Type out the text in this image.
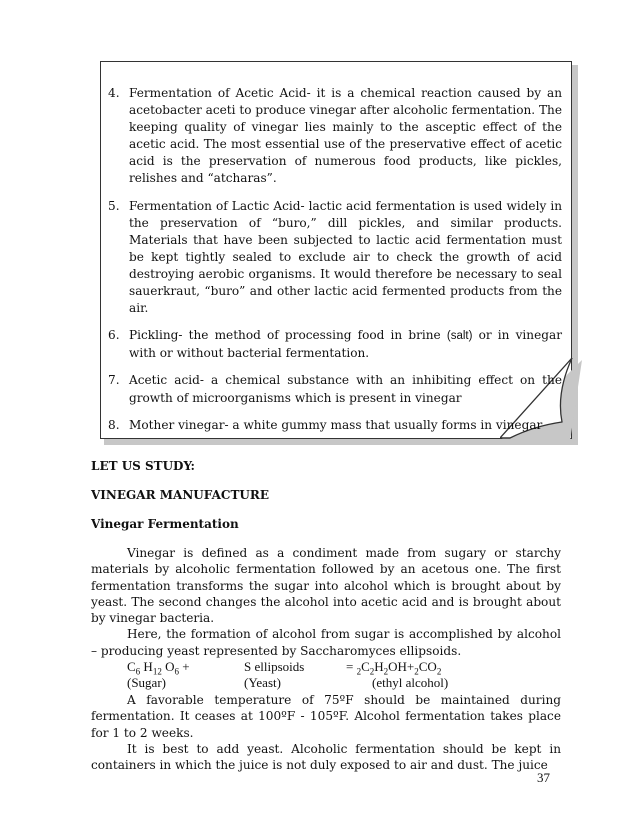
4. Fermentation of Acetic Acid- it is a chemical reaction caused by an acetobacter aceti to produce vinegar after alcoholic fermentation. The keeping quality of vinegar lies mainly to the asceptic effect of the acetic acid. The most essential use of the preservative effect of acetic acid is the preservation of numerous food products, like pickles, relishes and “atcharas”.
5. Fermentation of Lactic Acid- lactic acid fermentation is used widely in the preservation of “buro,” dill pickles, and similar products. Materials that have been subjected to lactic acid fermentation must be kept tightly sealed to exclude air to check the growth of acid destroying aerobic organisms. It would therefore be necessary to seal sauerkraut, “buro” and other lactic acid fermented products from the air.
6. Pickling- the method of processing food in brine (salt) or in vinegar with or without bacterial fermentation.
7. Acetic acid- a chemical substance with an inhibiting effect on the growth of microorganisms which is present in vinegar
8. Mother vinegar- a white gummy mass that usually forms in vinegar
LET US STUDY:
VINEGAR MANUFACTURE
Vinegar Fermentation

Vinegar is defined as a condiment made from sugary or starchy materials by alcoholic fermentation followed by an acetous one. The first fermentation transforms the sugar into alcohol which is brought about by yeast. The second changes the alcohol into acetic acid and is brought about by vinegar bacteria.

Here, the formation of alcohol from sugar is accomplished by alcohol – producing yeast represented by Saccharomyces ellipsoids.

$C_6$ $H_{12}$ $O_6$ +	S ellipsoids	= $_2C_2H_2OH+_2CO_2$
(Sugar)	(Yeast)	(ethyl alcohol)

A favorable temperature of 75ºF should be maintained during fermentation. It ceases at 100ºF - 105ºF. Alcohol fermentation takes place for 1 to 2 weeks.

It is best to add yeast. Alcoholic fermentation should be kept in containers in which the juice is not duly exposed to air and dust. The juice

37
